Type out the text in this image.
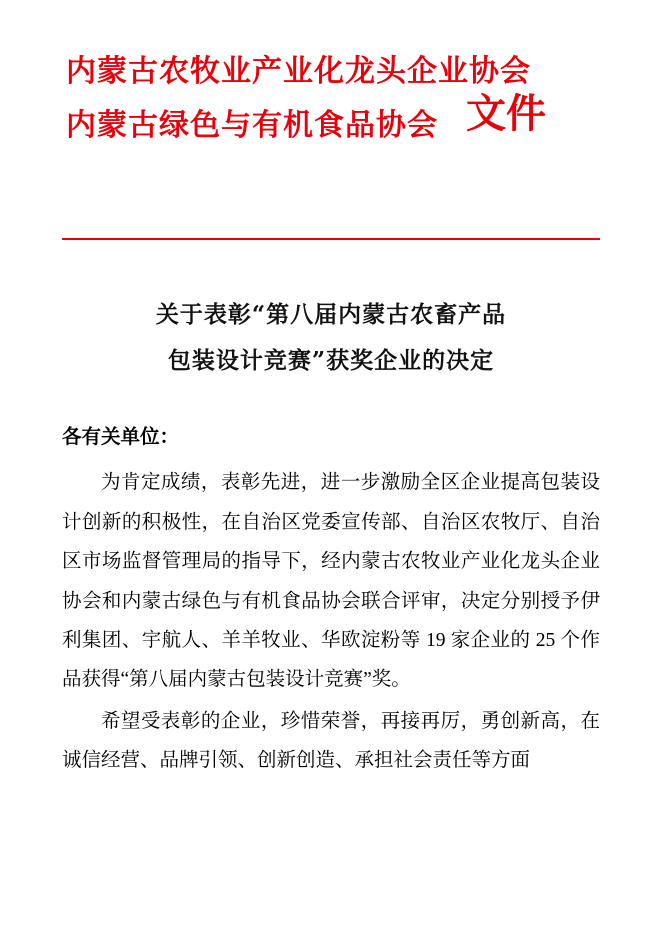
内蒙古农牧业产业化龙头企业协会
内蒙古绿色与有机食品协会 文件
关于表彰“第八届内蒙古农畜产品
包装设计竞赛”获奖企业的决定
各有关单位：

为肯定成绩，表彰先进，进一步激励全区企业提高包装设计创新的积极性，在自治区党委宣传部、自治区农牧厅、自治区市场监督管理局的指导下，经内蒙古农牧业产业化龙头企业协会和内蒙古绿色与有机食品协会联合评审，决定分别授予伊利集团、宇航人、羊羊牧业、华欧淀粉等 19 家企业的 25 个作品获得“第八届内蒙古包装设计竞赛”奖。

希望受表彰的企业，珍惜荣誉，再接再厉，勇创新高，在诚信经营、品牌引领、创新创造、承担社会责任等方面
